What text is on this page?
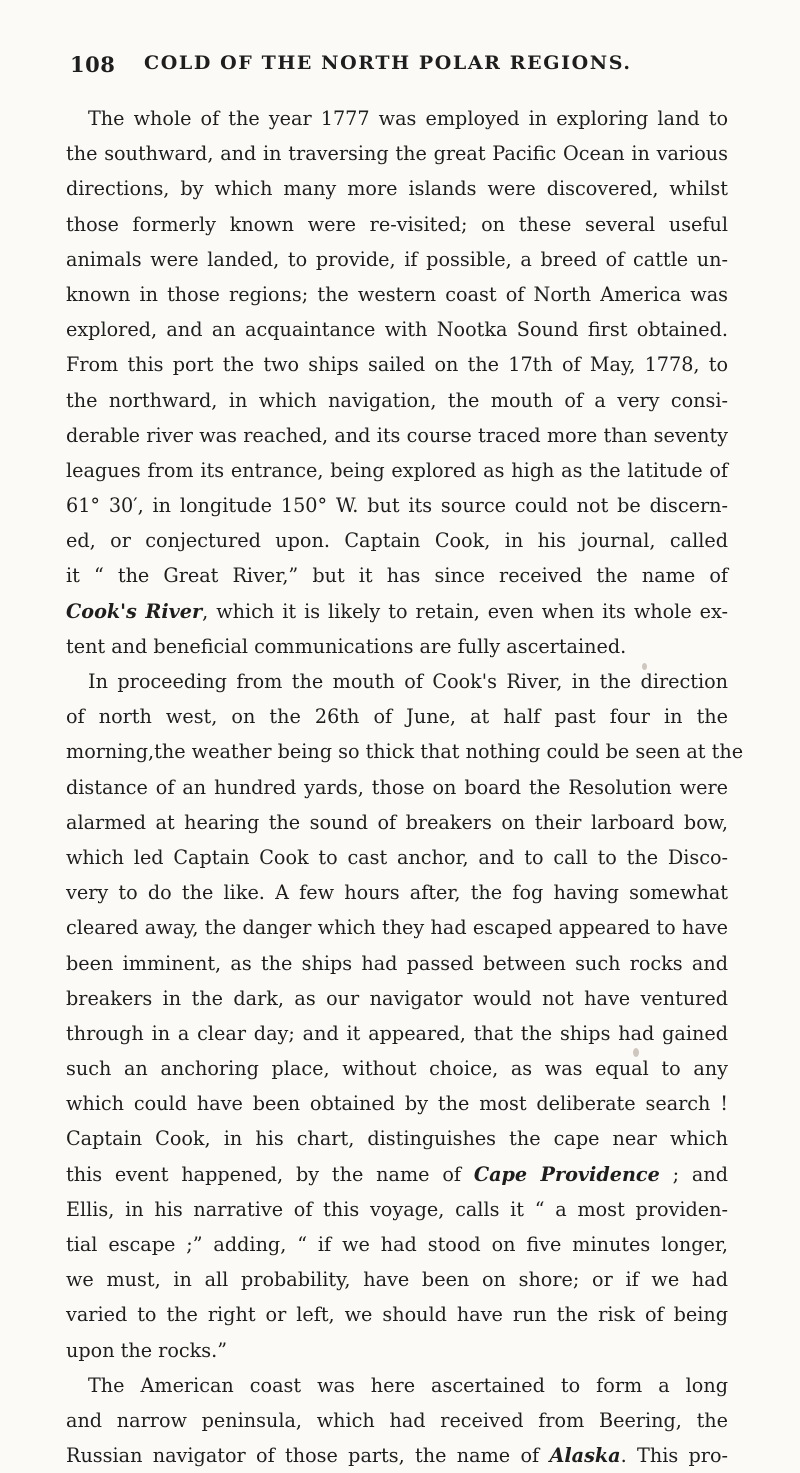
108 COLD OF THE NORTH POLAR REGIONS.
The whole of the year 1777 was employed in exploring land to
the southward, and in traversing the great Pacific Ocean in various
directions, by which many more islands were discovered, whilst
those formerly known were re-visited; on these several useful
animals were landed, to provide, if possible, a breed of cattle un-
known in those regions; the western coast of North America was
explored, and an acquaintance with Nootka Sound first obtained.
From this port the two ships sailed on the 17th of May, 1778, to
the northward, in which navigation, the mouth of a very consi-
derable river was reached, and its course traced more than seventy
leagues from its entrance, being explored as high as the latitude of
61° 30′, in longitude 150° W. but its source could not be discern-
ed, or conjectured upon. Captain Cook, in his journal, called
it “ the Great River,” but it has since received the name of
Cook's River, which it is likely to retain, even when its whole ex-
tent and beneficial communications are fully ascertained.
In proceeding from the mouth of Cook's River, in the direction
of north west, on the 26th of June, at half past four in the
morning,the weather being so thick that nothing could be seen at the
distance of an hundred yards, those on board the Resolution were
alarmed at hearing the sound of breakers on their larboard bow,
which led Captain Cook to cast anchor, and to call to the Disco-
very to do the like. A few hours after, the fog having somewhat
cleared away, the danger which they had escaped appeared to have
been imminent, as the ships had passed between such rocks and
breakers in the dark, as our navigator would not have ventured
through in a clear day; and it appeared, that the ships had gained
such an anchoring place, without choice, as was equal to any
which could have been obtained by the most deliberate search !
Captain Cook, in his chart, distinguishes the cape near which
this event happened, by the name of Cape Providence ; and
Ellis, in his narrative of this voyage, calls it “ a most providen-
tial escape ;” adding, “ if we had stood on five minutes longer,
we must, in all probability, have been on shore; or if we had
varied to the right or left, we should have run the risk of being
upon the rocks.”
The American coast was here ascertained to form a long
and narrow peninsula, which had received from Beering, the
Russian navigator of those parts, the name of Alaska. This pro-
